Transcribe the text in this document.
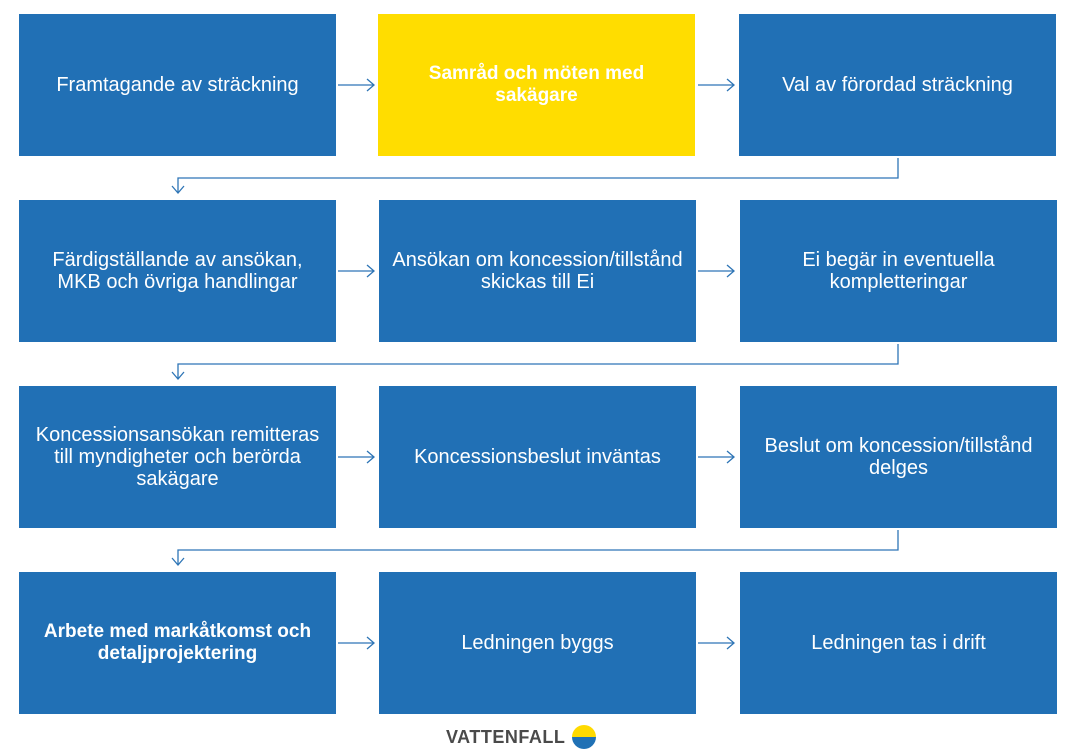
Framtagande av sträckning
Samråd och möten med sakägare	Val av förordad sträckning
Färdigställande av ansökan, MKB och övriga handlingar
Ansökan om koncession/tillstånd skickas till Ei
Ei begär in eventuella kompletteringar
Koncessionsansökan remitteras till myndigheter och berörda sakägare
Koncessionsbeslut inväntas	Beslut om koncession/tillstånd delges
Arbete med markåtkomst och detaljprojektering	Ledningen byggs	Ledningen tas i drift
VATTENFALL
